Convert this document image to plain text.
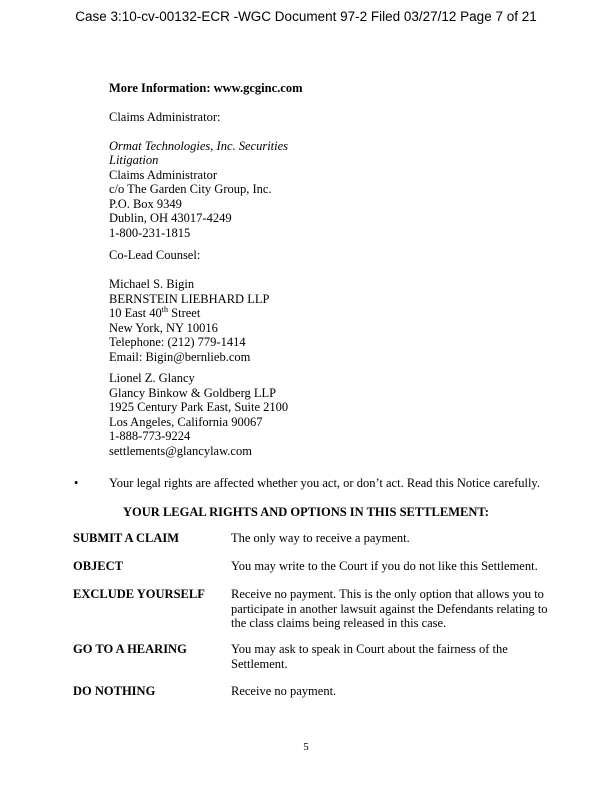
Case 3:10-cv-00132-ECR -WGC Document 97-2 Filed 03/27/12 Page 7 of 21
More Information: www.gcginc.com
Claims Administrator:
Ormat Technologies, Inc. Securities
Litigation
Claims Administrator
c/o The Garden City Group, Inc.
P.O. Box 9349
Dublin, OH 43017-4249
1-800-231-1815
Co-Lead Counsel:
Michael S. Bigin
BERNSTEIN LIEBHARD LLP
10 East 40th Street
New York, NY 10016
Telephone: (212) 779-1414
Email: Bigin@bernlieb.com
Lionel Z. Glancy
Glancy Binkow & Goldberg LLP
1925 Century Park East, Suite 2100
Los Angeles, California 90067
1-888-773-9224
settlements@glancylaw.com
• Your legal rights are affected whether you act, or don’t act. Read this Notice carefully.
YOUR LEGAL RIGHTS AND OPTIONS IN THIS SETTLEMENT:
SUBMIT A CLAIM	The only way to receive a payment.
OBJECT	You may write to the Court if you do not like this Settlement.
EXCLUDE YOURSELF Receive no payment. This is the only option that allows you to
participate in another lawsuit against the Defendants relating to
the class claims being released in this case.
GO TO A HEARING	You may ask to speak in Court about the fairness of the
Settlement.
DO NOTHING	Receive no payment.
5
